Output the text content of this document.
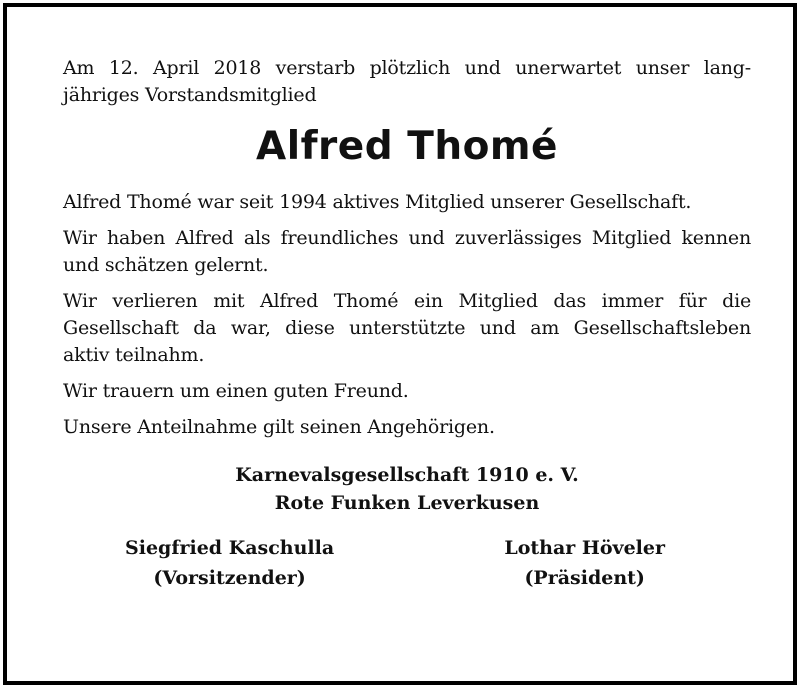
Am 12. April 2018 verstarb plötzlich und unerwartet unser lang-
jähriges Vorstandsmitglied

Alfred Thomé

Alfred Thomé war seit 1994 aktives Mitglied unserer Gesellschaft.

Wir haben Alfred als freundliches und zuverlässiges Mitglied kennen
und schätzen gelernt.

Wir verlieren mit Alfred Thomé ein Mitglied das immer für die
Gesellschaft da war, diese unterstützte und am Gesellschaftsleben
aktiv teilnahm.

Wir trauern um einen guten Freund.

Unsere Anteilnahme gilt seinen Angehörigen.

Karnevalsgesellschaft 1910 e. V.
Rote Funken Leverkusen
Siegfried Kaschulla
(Vorsitzender)
Lothar Höveler
(Präsident)
